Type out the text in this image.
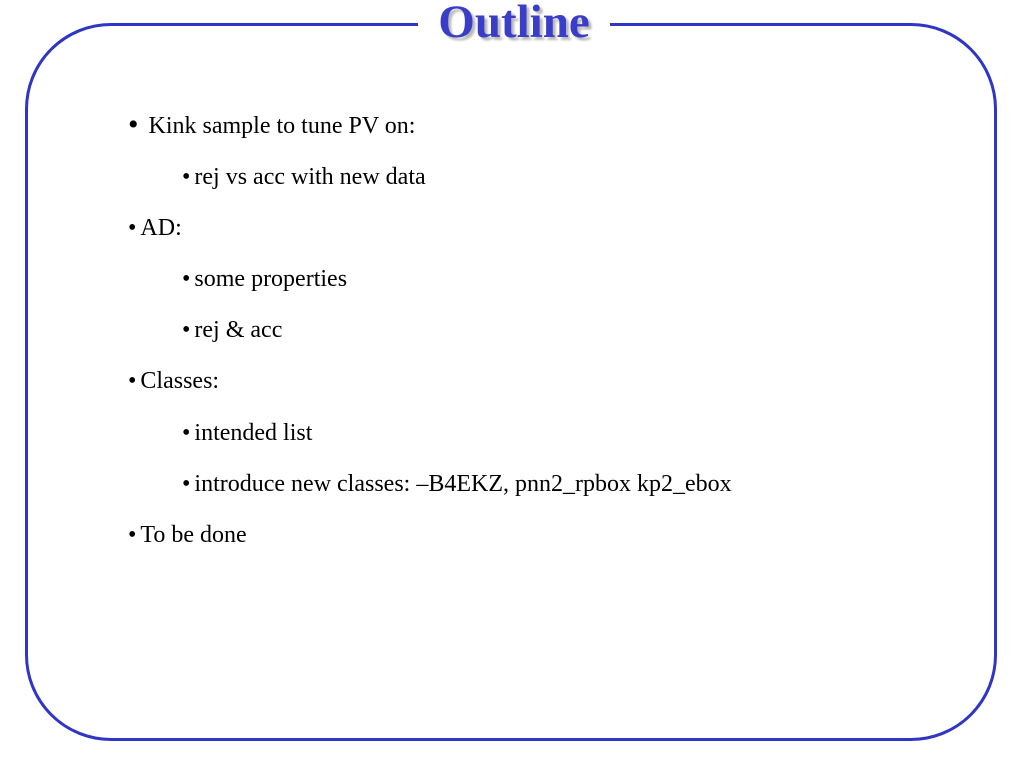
Outline
• Kink sample to tune PV on:
• rej vs acc with new data
• AD:
• some properties
• rej & acc
• Classes:
• intended list
• introduce new classes: –B4EKZ, pnn2_rpbox kp2_ebox
• To be done
